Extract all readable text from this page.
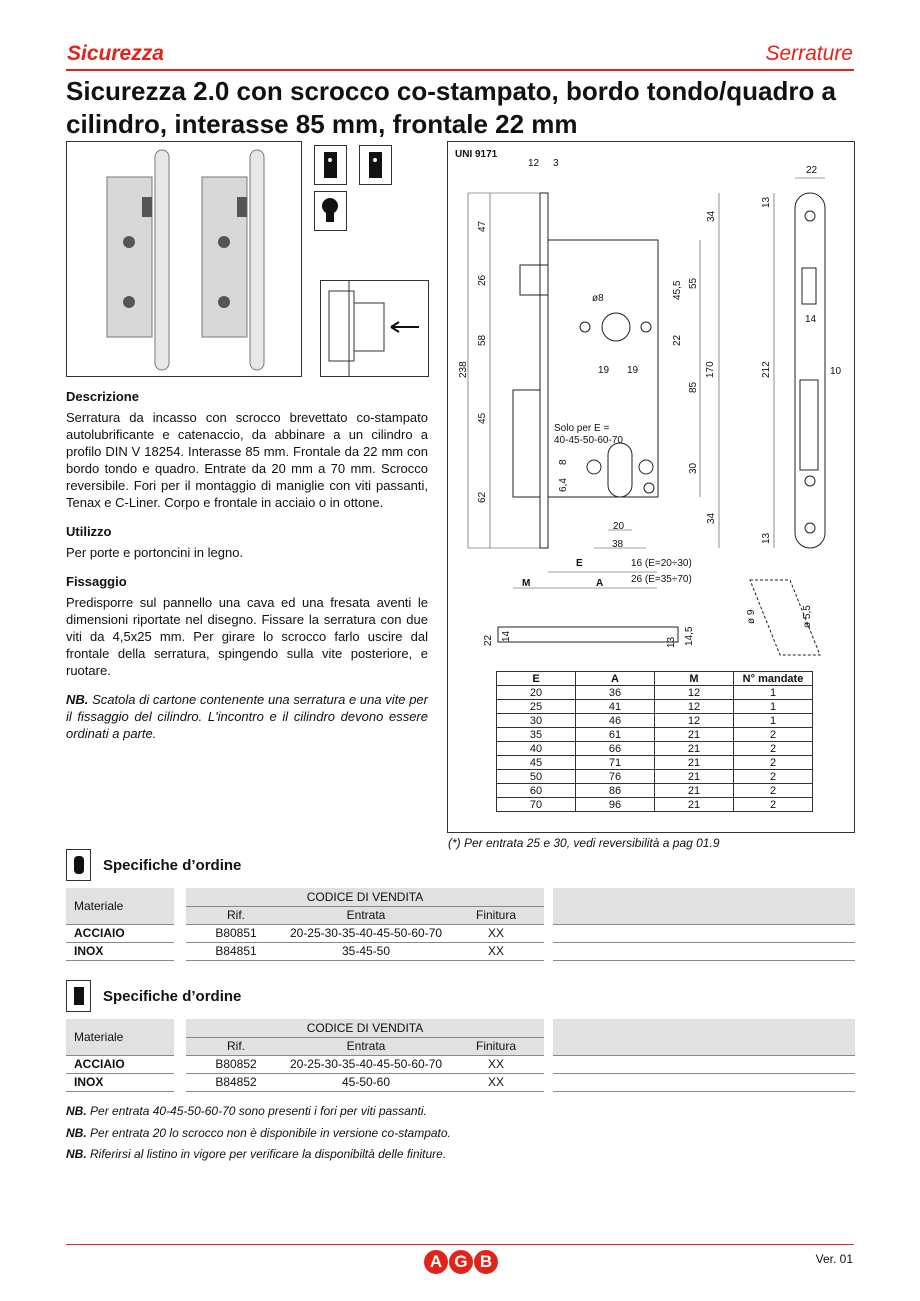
Sicurezza	Serrature
Sicurezza 2.0 con scrocco co-stampato, bordo tondo/quadro a cilindro, interasse 85 mm, frontale 22 mm
Descrizione

Serratura da incasso con scrocco brevettato co-stampato autolubrificante e catenaccio, da abbinare a un cilindro a profilo DIN V 18254. Interasse 85 mm. Frontale da 22 mm con bordo tondo e quadro. Entrate da 20 mm a 70 mm. Scrocco reversibile. Fori per il montaggio di maniglie con viti passanti, Tenax e C-Liner. Corpo e frontale in acciaio o in ottone.

Utilizzo

Per porte e portoncini in legno.

Fissaggio

Predisporre sul pannello una cava ed una fresata aventi le dimensioni riportate nel disegno. Fissare la serratura con due viti da 4,5x25 mm. Per girare lo scrocco farlo uscire dal frontale della serratura, spingendo sulla vite posteriore, e ruotare.

NB. Scatola di cartone contenente una serratura e una vite per il fissaggio del cilindro. L'incontro e il cilindro devono essere ordinati a parte.

UNI 9171
12 3
22
47
26
58
238
45
62
34
45,5 55
22
85
170
30
34
13
212
13
14
10
ø8
19 19
8
6,4
20
38
E	16 (E=20÷30)
M	A	26 (E=35÷70)
Solo per E =
40-45-50-60-70
22 14
13 14,5
ø 9	ø 5,5
E	A	M	N° mandate
20	36	12	1
25	41	12	1
30	46	12	1
35	61	21	2
40	66	21	2
45	71	21	2
50	76	21	2
60	86	21	2
70	96	21	2
(*) Per entrata 25 e 30, vedi reversibilità a pag 01.9
Specifiche d’ordine
Materiale
CODICE DI VENDITA
Rif.	Entrata	Finitura
ACCIAIO	B80851	20-25-30-35-40-45-50-60-70	XX
INOX	B84851	35-45-50	XX
Specifiche d’ordine
Materiale
CODICE DI VENDITA
Rif.	Entrata	Finitura
ACCIAIO	B80852	20-25-30-35-40-45-50-60-70	XX
INOX	B84852	45-50-60	XX
NB. Per entrata 40-45-50-60-70 sono presenti i fori per viti passanti.
NB. Per entrata 20 lo scrocco non è disponibile in versione co-stampato.
NB. Riferirsi al listino in vigore per verificare la disponibiltà delle finiture.
A G B	Ver. 01
